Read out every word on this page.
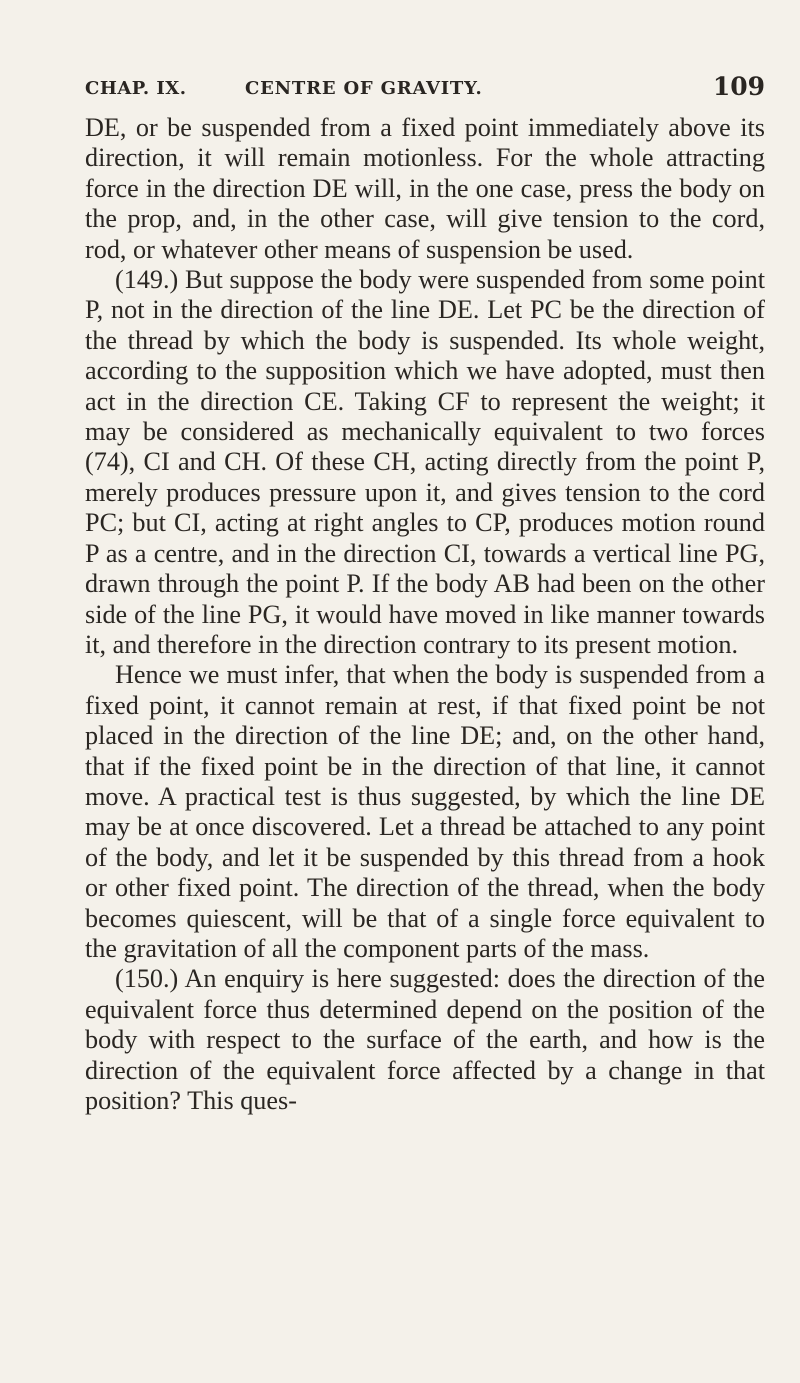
CHAP. IX.	CENTRE OF GRAVITY.	109

DE, or be suspended from a fixed point immediately above its direction, it will remain motionless. For the whole attracting force in the direction DE will, in the one case, press the body on the prop, and, in the other case, will give tension to the cord, rod, or whatever other means of suspension be used.

(149.) But suppose the body were suspended from some point P, not in the direction of the line DE. Let PC be the direction of the thread by which the body is suspended. Its whole weight, according to the supposition which we have adopted, must then act in the direction CE. Taking CF to represent the weight; it may be considered as mechanically equivalent to two forces (74), CI and CH. Of these CH, acting directly from the point P, merely produces pressure upon it, and gives tension to the cord PC; but CI, acting at right angles to CP, produces motion round P as a centre, and in the direction CI, towards a vertical line PG, drawn through the point P. If the body AB had been on the other side of the line PG, it would have moved in like manner towards it, and therefore in the direction contrary to its present motion.

Hence we must infer, that when the body is suspended from a fixed point, it cannot remain at rest, if that fixed point be not placed in the direction of the line DE; and, on the other hand, that if the fixed point be in the direction of that line, it cannot move. A practical test is thus suggested, by which the line DE may be at once discovered. Let a thread be attached to any point of the body, and let it be suspended by this thread from a hook or other fixed point. The direction of the thread, when the body becomes quiescent, will be that of a single force equivalent to the gravitation of all the component parts of the mass.

(150.) An enquiry is here suggested: does the direction of the equivalent force thus determined depend on the position of the body with respect to the surface of the earth, and how is the direction of the equivalent force affected by a change in that position? This ques-
